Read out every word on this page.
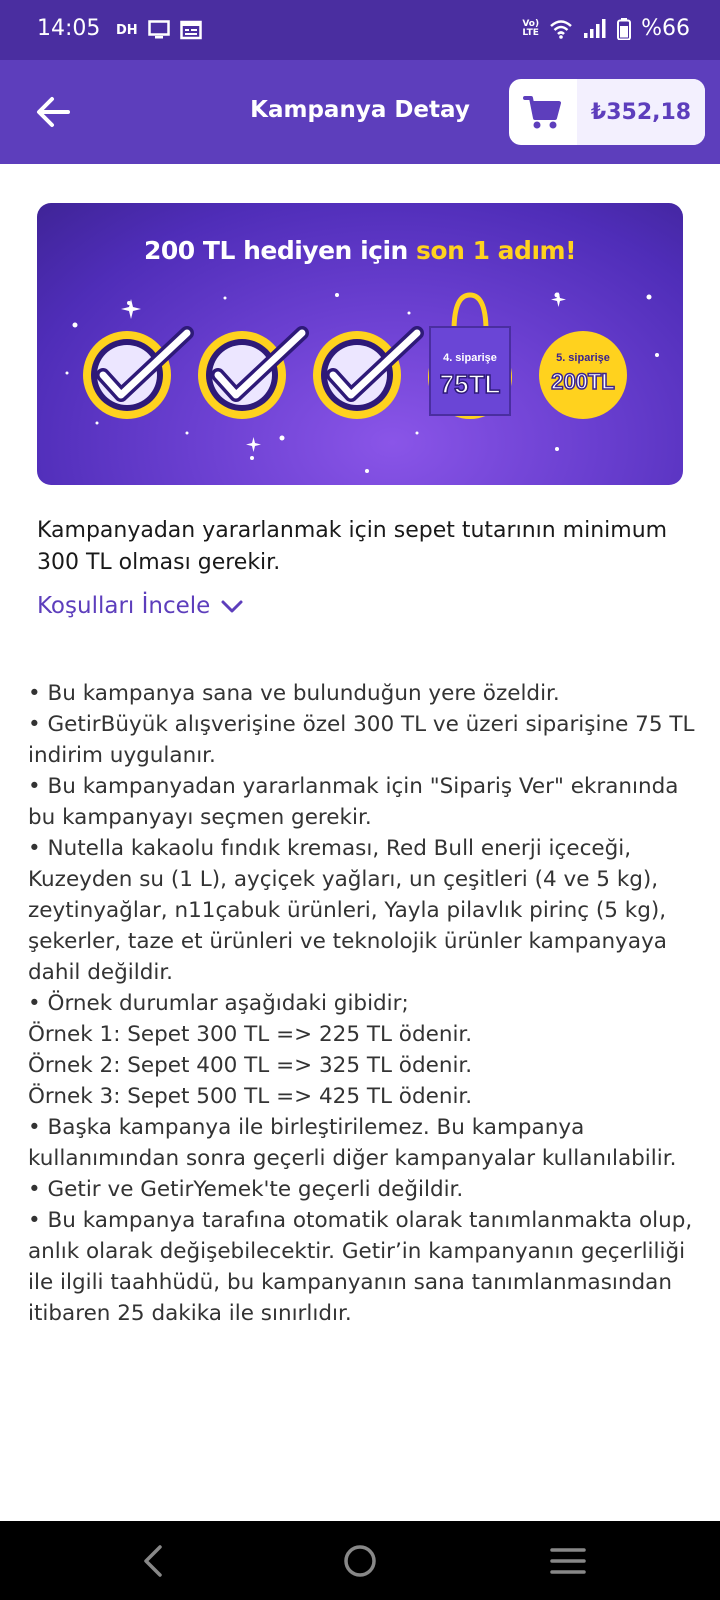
14:05 DH	Vo)
LTE	%66
Kampanya Detay	₺352,18
4. siparişe
75TL
5. siparişe
200TL
200 TL hediyen için son 1 adım!
Kampanyadan yararlanmak için sepet tutarının minimum 300 TL olması gerekir.
Koşulları İncele
• Bu kampanya sana ve bulunduğun yere özeldir.
• GetirBüyük alışverişine özel 300 TL ve üzeri siparişine 75 TL indirim uygulanır.
• Bu kampanyadan yararlanmak için "Sipariş Ver" ekranında bu kampanyayı seçmen gerekir.
• Nutella kakaolu fındık kreması, Red Bull enerji içeceği, Kuzeyden su (1 L), ayçiçek yağları, un çeşitleri (4 ve 5 kg), zeytinyağlar, n11çabuk ürünleri, Yayla pilavlık pirinç (5 kg), şekerler, taze et ürünleri ve teknolojik ürünler kampanyaya dahil değildir.
• Örnek durumlar aşağıdaki gibidir;
Örnek 1: Sepet 300 TL => 225 TL ödenir.
Örnek 2: Sepet 400 TL => 325 TL ödenir.
Örnek 3: Sepet 500 TL => 425 TL ödenir.
• Başka kampanya ile birleştirilemez. Bu kampanya kullanımından sonra geçerli diğer kampanyalar kullanılabilir.
• Getir ve GetirYemek'te geçerli değildir.
• Bu kampanya tarafına otomatik olarak tanımlanmakta olup, anlık olarak değişebilecektir. Getir’in kampanyanın geçerliliği ile ilgili taahhüdü, bu kampanyanın sana tanımlanmasından itibaren 25 dakika ile sınırlıdır.
